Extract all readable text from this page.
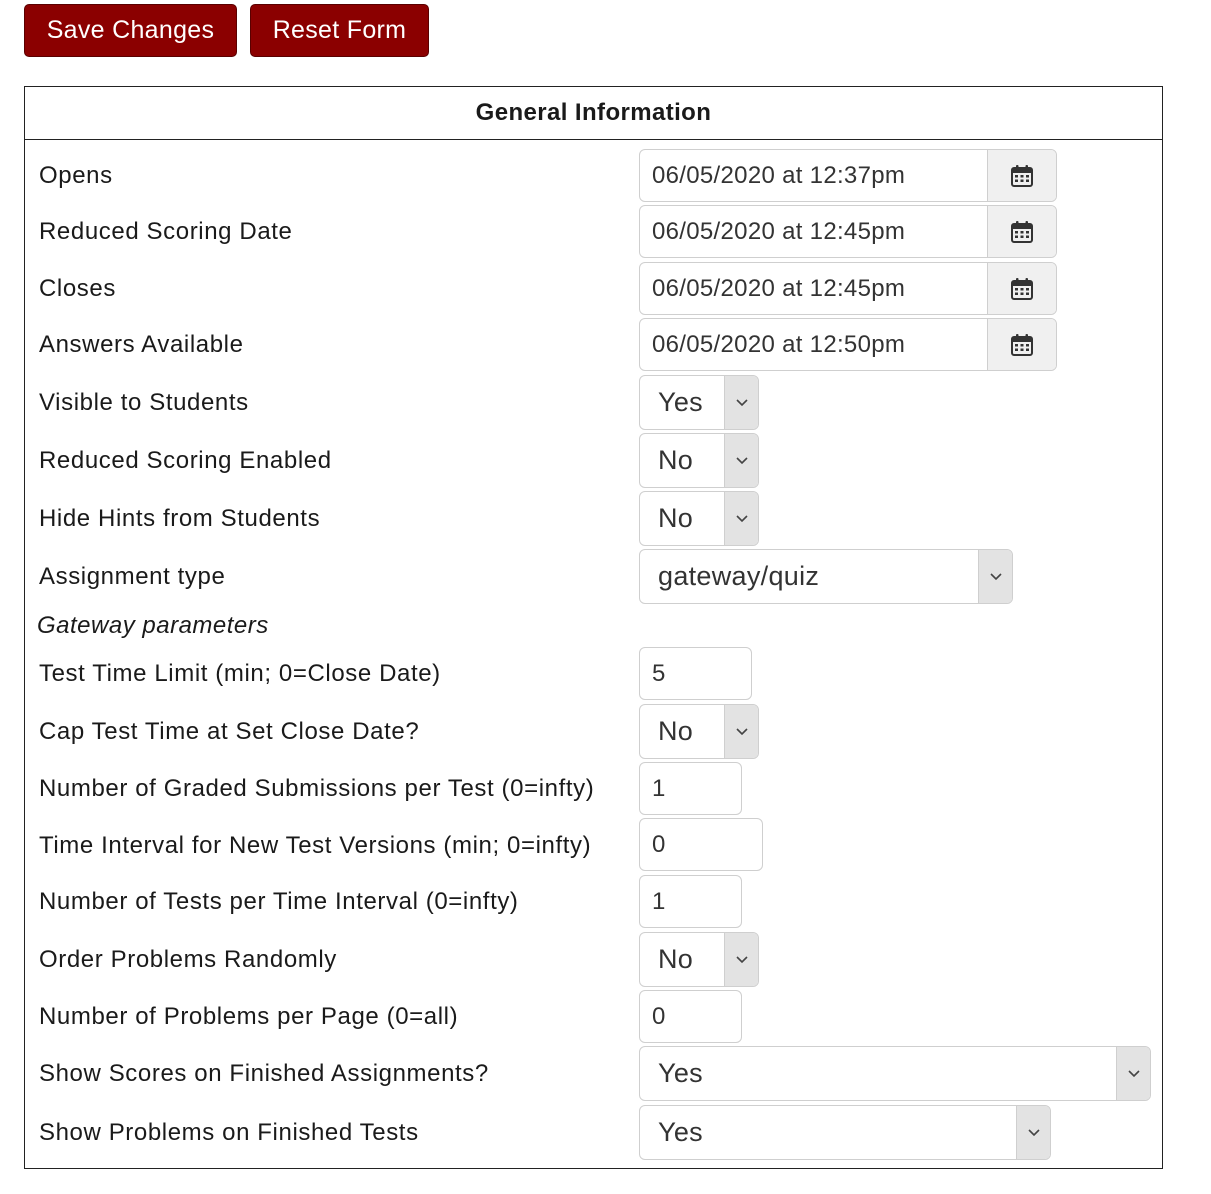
Save Changes	Reset Form
General Information
Opens	06/05/2020 at 12:37pm
Reduced Scoring Date	06/05/2020 at 12:45pm
Closes	06/05/2020 at 12:45pm
Answers Available	06/05/2020 at 12:50pm
Visible to Students	Yes
Reduced Scoring Enabled	No
Hide Hints from Students	No
Assignment type	gateway/quiz
Gateway parameters
Test Time Limit (min; 0=Close Date)	5
Cap Test Time at Set Close Date?	No
Number of Graded Submissions per Test (0=infty)	1
Time Interval for New Test Versions (min; 0=infty)	0
Number of Tests per Time Interval (0=infty)	1
Order Problems Randomly	No
Number of Problems per Page (0=all)	0
Show Scores on Finished Assignments?	Yes
Show Problems on Finished Tests	Yes
